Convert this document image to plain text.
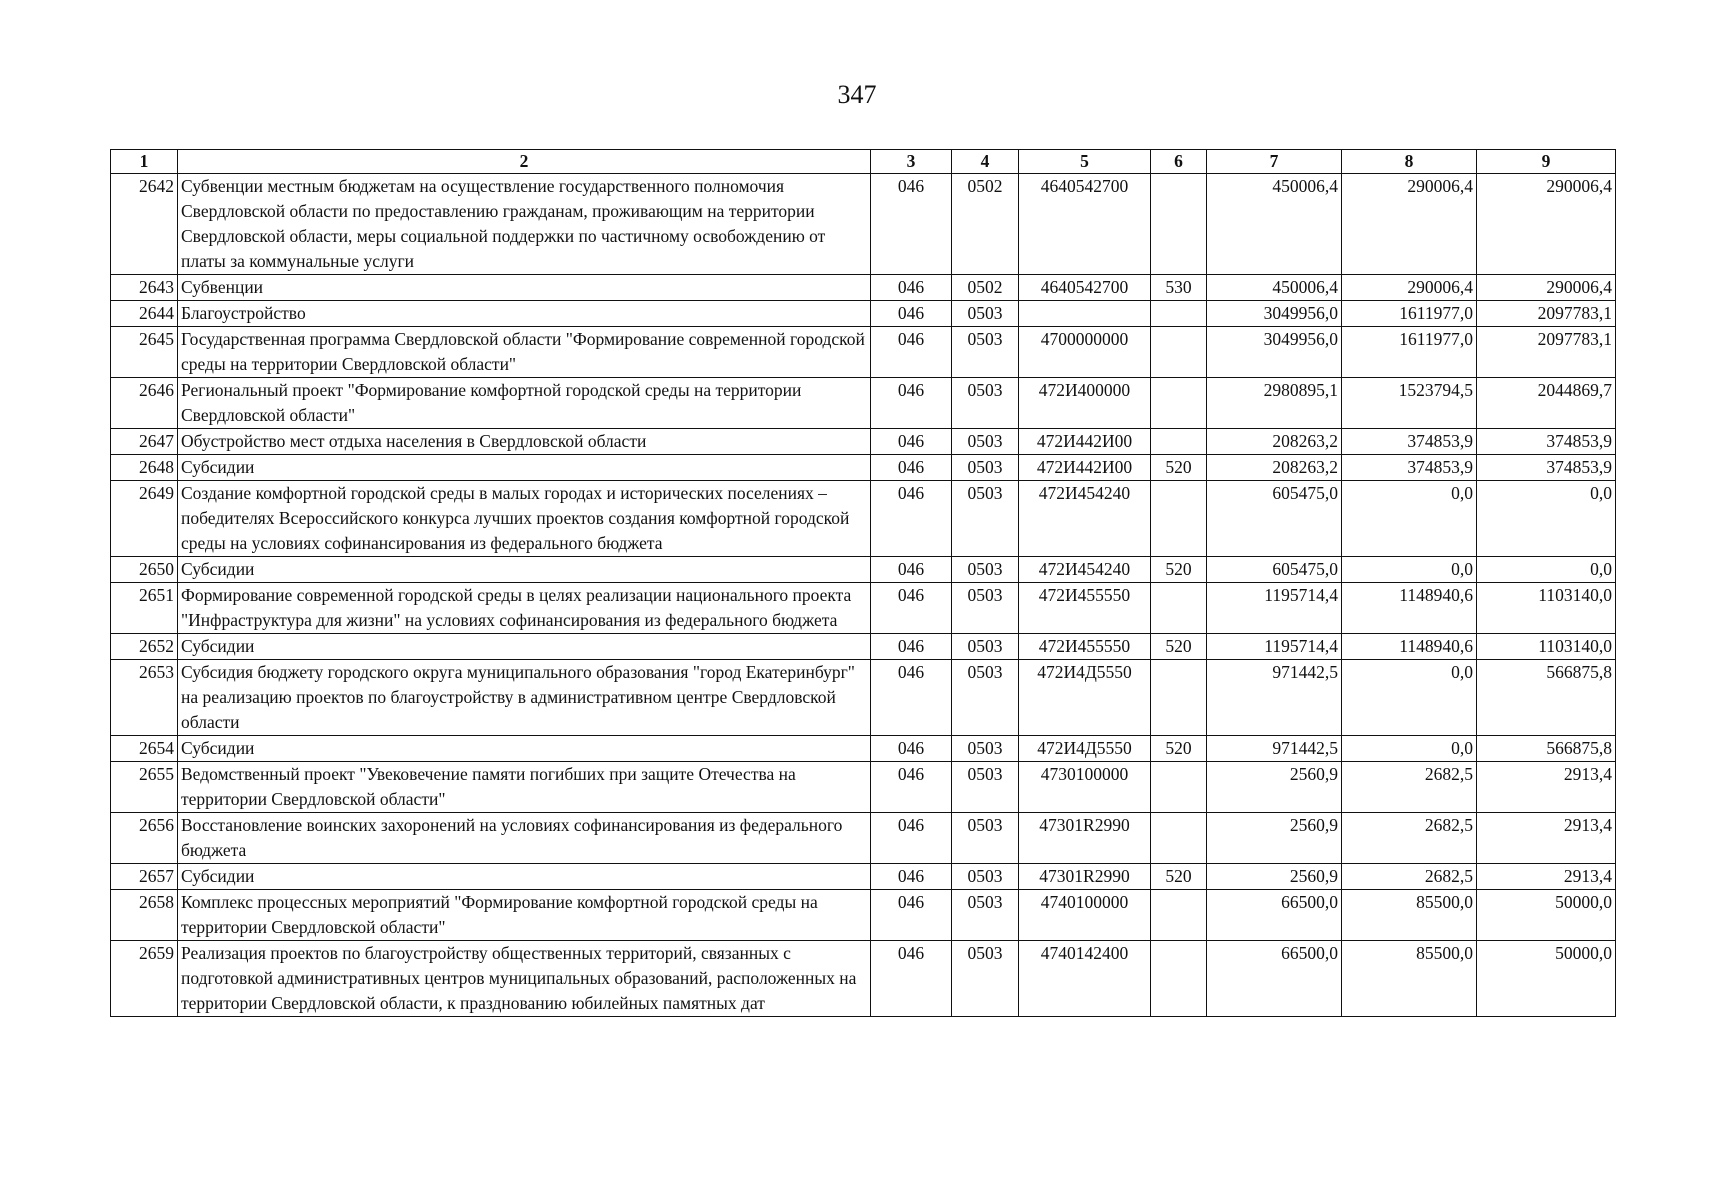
347
1	2	3	4	5	6	7	8	9
2642	Субвенции местным бюджетам на осуществление государственного полномочия Свердловской области по предоставлению гражданам, проживающим на территории Свердловской области, меры социальной поддержки по частичному освобождению от платы за коммунальные услуги	046	0502	4640542700		450006,4	290006,4	290006,4
2643	Субвенции	046	0502	4640542700	530	450006,4	290006,4	290006,4
2644	Благоустройство	046	0503			3049956,0	1611977,0	2097783,1
2645	Государственная программа Свердловской области "Формирование современной городской среды на территории Свердловской области"	046	0503	4700000000		3049956,0	1611977,0	2097783,1
2646	Региональный проект "Формирование комфортной городской среды на территории Свердловской области"	046	0503	472И400000		2980895,1	1523794,5	2044869,7
2647	Обустройство мест отдыха населения в Свердловской области	046	0503	472И442И00		208263,2	374853,9	374853,9
2648	Субсидии	046	0503	472И442И00	520	208263,2	374853,9	374853,9
2649	Создание комфортной городской среды в малых городах и исторических поселениях – победителях Всероссийского конкурса лучших проектов создания комфортной городской среды на условиях софинансирования из федерального бюджета	046	0503	472И454240		605475,0	0,0	0,0
2650	Субсидии	046	0503	472И454240	520	605475,0	0,0	0,0
2651	Формирование современной городской среды в целях реализации национального проекта "Инфраструктура для жизни" на условиях софинансирования из федерального бюджета	046	0503	472И455550		1195714,4	1148940,6	1103140,0
2652	Субсидии	046	0503	472И455550	520	1195714,4	1148940,6	1103140,0
2653	Субсидия бюджету городского округа муниципального образования "город Екатеринбург" на реализацию проектов по благоустройству в административном центре Свердловской области	046	0503	472И4Д5550		971442,5	0,0	566875,8
2654	Субсидии	046	0503	472И4Д5550	520	971442,5	0,0	566875,8
2655	Ведомственный проект "Увековечение памяти погибших при защите Отечества на территории Свердловской области"	046	0503	4730100000		2560,9	2682,5	2913,4
2656	Восстановление воинских захоронений на условиях софинансирования из федерального бюджета	046	0503	47301R2990		2560,9	2682,5	2913,4
2657	Субсидии	046	0503	47301R2990	520	2560,9	2682,5	2913,4
2658	Комплекс процессных мероприятий "Формирование комфортной городской среды на территории Свердловской области"	046	0503	4740100000		66500,0	85500,0	50000,0
2659	Реализация проектов по благоустройству общественных территорий, связанных с подготовкой административных центров муниципальных образований, расположенных на территории Свердловской области, к празднованию юбилейных памятных дат	046	0503	4740142400		66500,0	85500,0	50000,0
